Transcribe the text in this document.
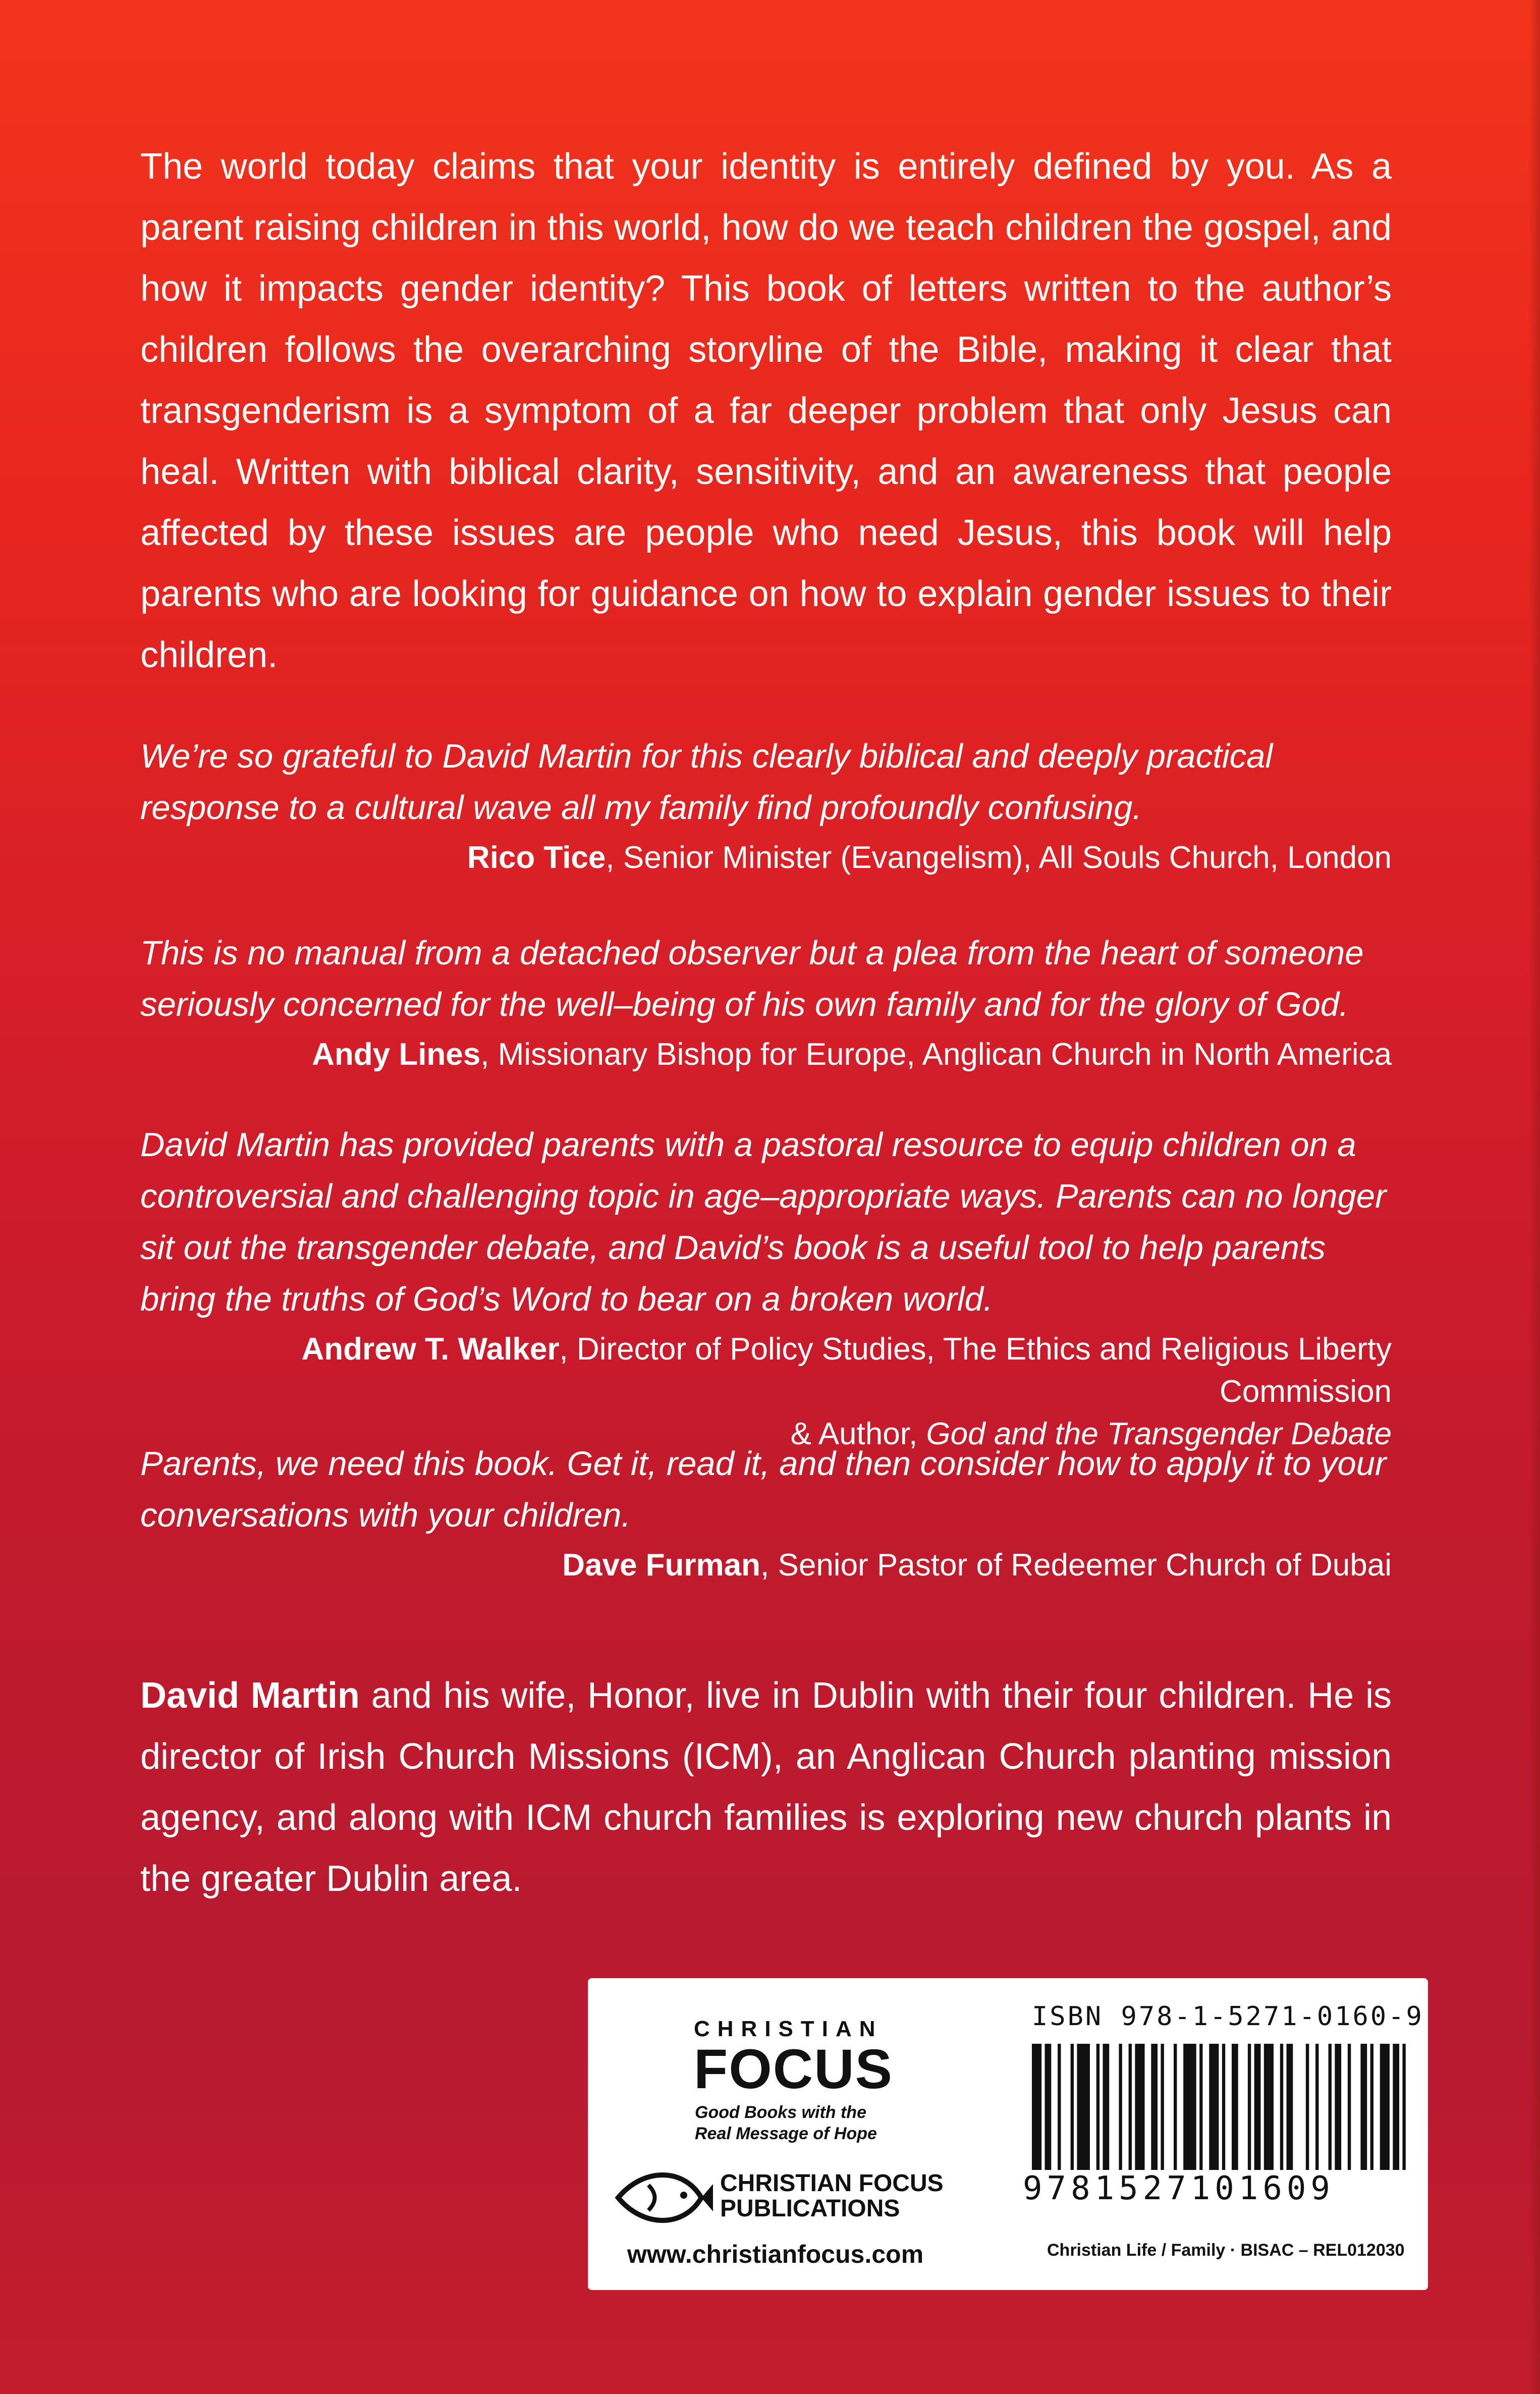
The world today claims that your identity is entirely defined by you. As a parent raising children in this world, how do we teach children the gospel, and how it impacts gender identity? This book of letters written to the author’s children follows the overarching storyline of the Bible, making it clear that transgenderism is a symptom of a far deeper problem that only Jesus can heal. Written with biblical clarity, sensitivity, and an awareness that people affected by these issues are people who need Jesus, this book will help parents who are looking for guidance on how to explain gender issues to their children.
We’re so grateful to David Martin for this clearly biblical and deeply practical response to a cultural wave all my family find profoundly confusing.
Rico Tice, Senior Minister (Evangelism), All Souls Church, London
This is no manual from a detached observer but a plea from the heart of someone seriously concerned for the well–being of his own family and for the glory of God.
Andy Lines, Missionary Bishop for Europe, Anglican Church in North America
David Martin has provided parents with a pastoral resource to equip children on a controversial and challenging topic in age–appropriate ways. Parents can no longer sit out the transgender debate, and David’s book is a useful tool to help parents bring the truths of God’s Word to bear on a broken world.
Andrew T. Walker, Director of Policy Studies, The Ethics and Religious Liberty Commission
& Author, God and the Transgender Debate
Parents, we need this book. Get it, read it, and then consider how to apply it to your conversations with your children.
Dave Furman, Senior Pastor of Redeemer Church of Dubai
David Martin and his wife, Honor, live in Dublin with their four children. He is director of Irish Church Missions (ICM), an Anglican Church planting mission agency, and along with ICM church families is exploring new church plants in the greater Dublin area.
CHRISTIAN
FOCUS
Good Books with the
Real Message of Hope
CHRISTIAN FOCUS
PUBLICATIONS
www.christianfocus.com
ISBN 978-1-5271-0160-9
9781527101609
Christian Life / Family · BISAC – REL012030
